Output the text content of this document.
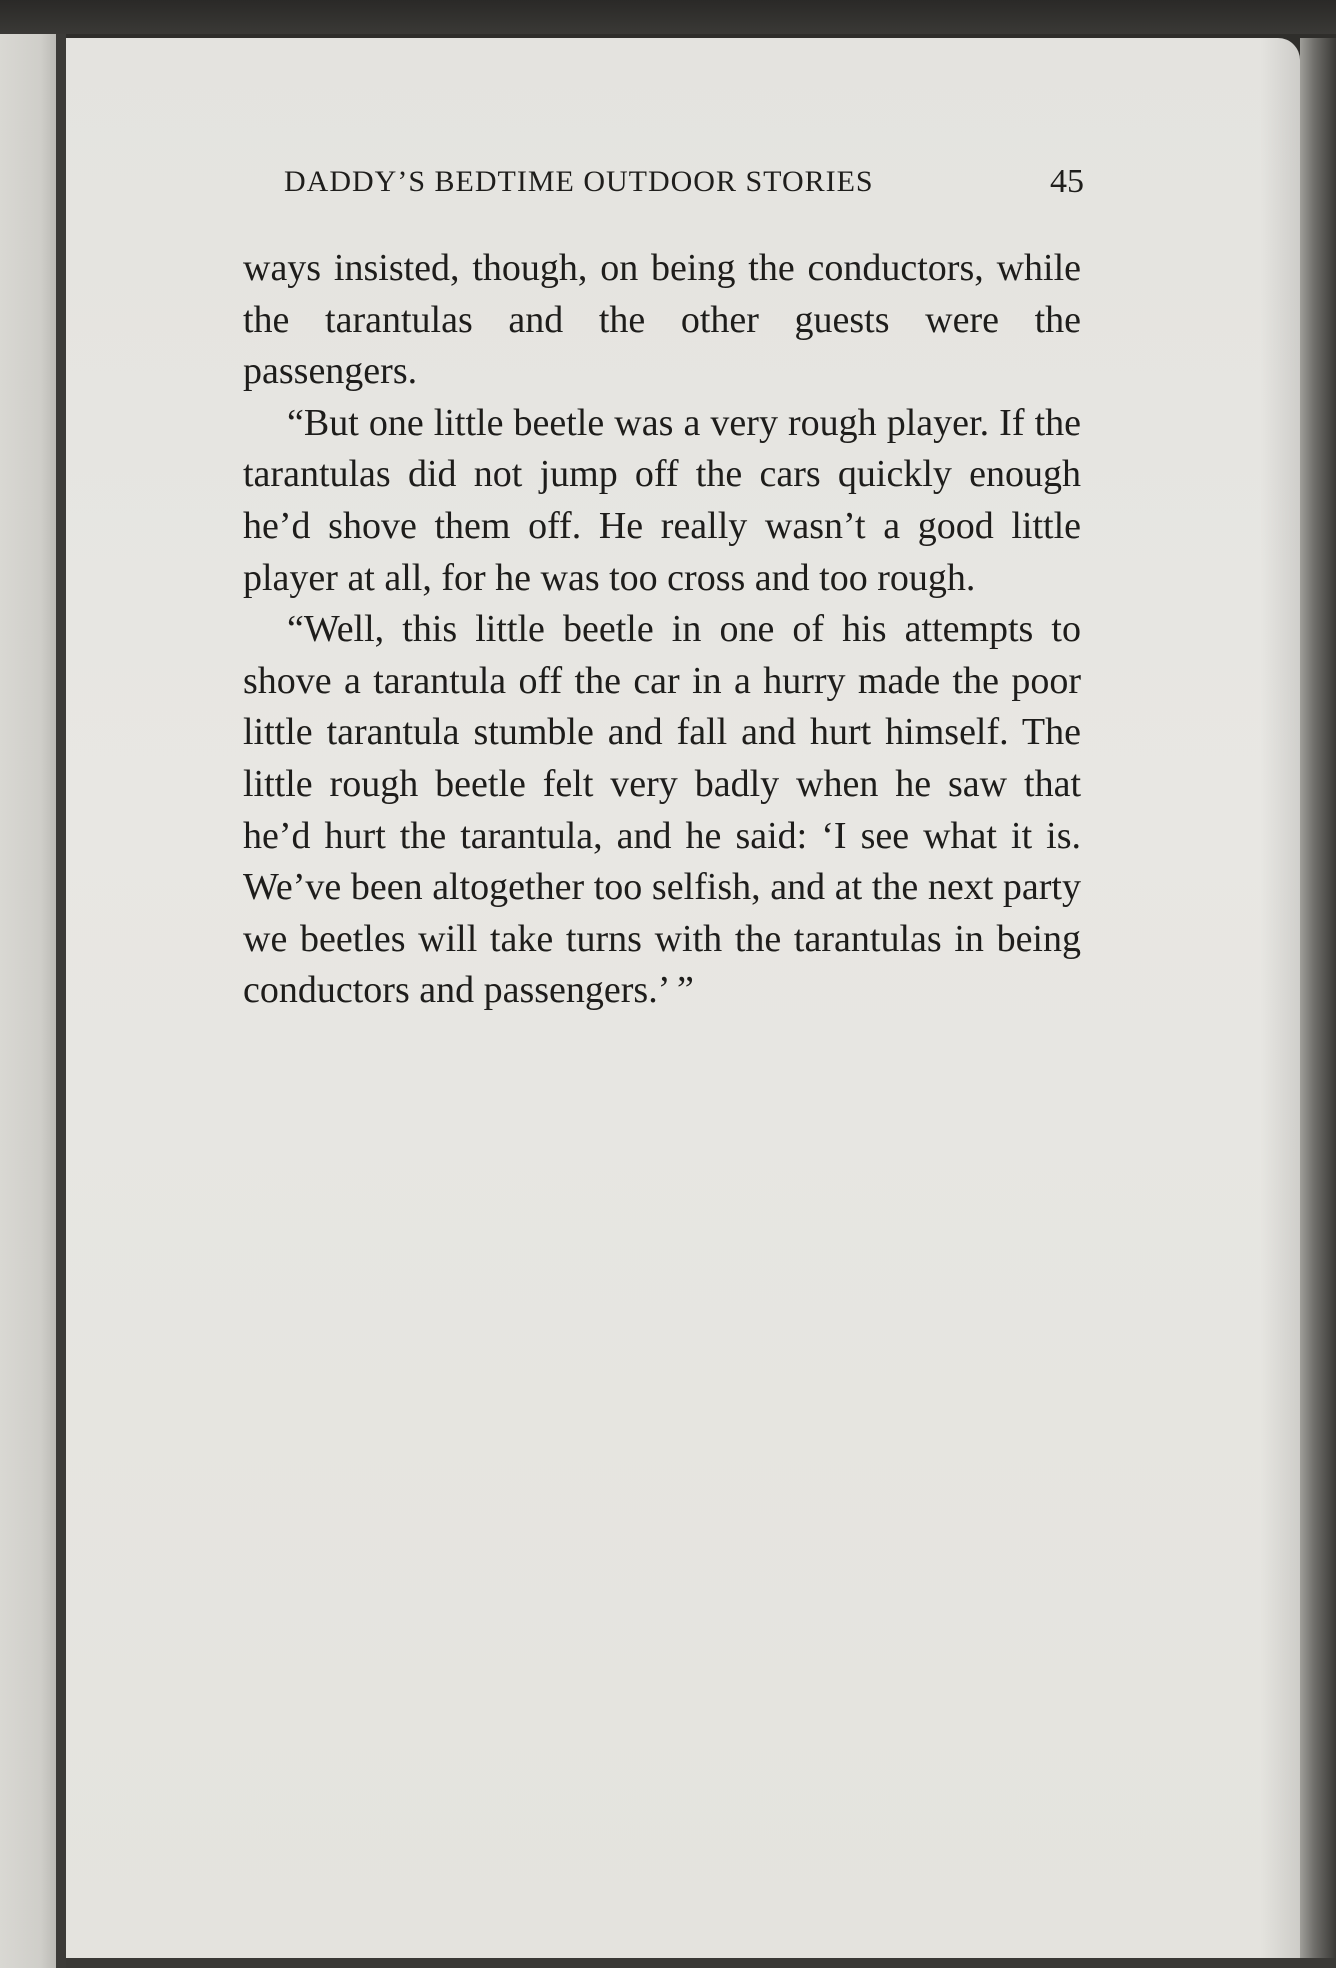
DADDY’S BEDTIME OUTDOOR STORIES	45

ways insisted, though, on being the conductors, while the tarantulas and the other guests were the passengers.

“But one little beetle was a very rough player. If the tarantulas did not jump off the cars quickly enough he’d shove them off. He really wasn’t a good little player at all, for he was too cross and too rough.

“Well, this little beetle in one of his attempts to shove a tarantula off the car in a hurry made the poor little tarantula stumble and fall and hurt himself. The little rough beetle felt very badly when he saw that he’d hurt the tarantula, and he said: ‘I see what it is. We’ve been altogether too selfish, and at the next party we beetles will take turns with the tarantulas in being conductors and passengers.’ ”
